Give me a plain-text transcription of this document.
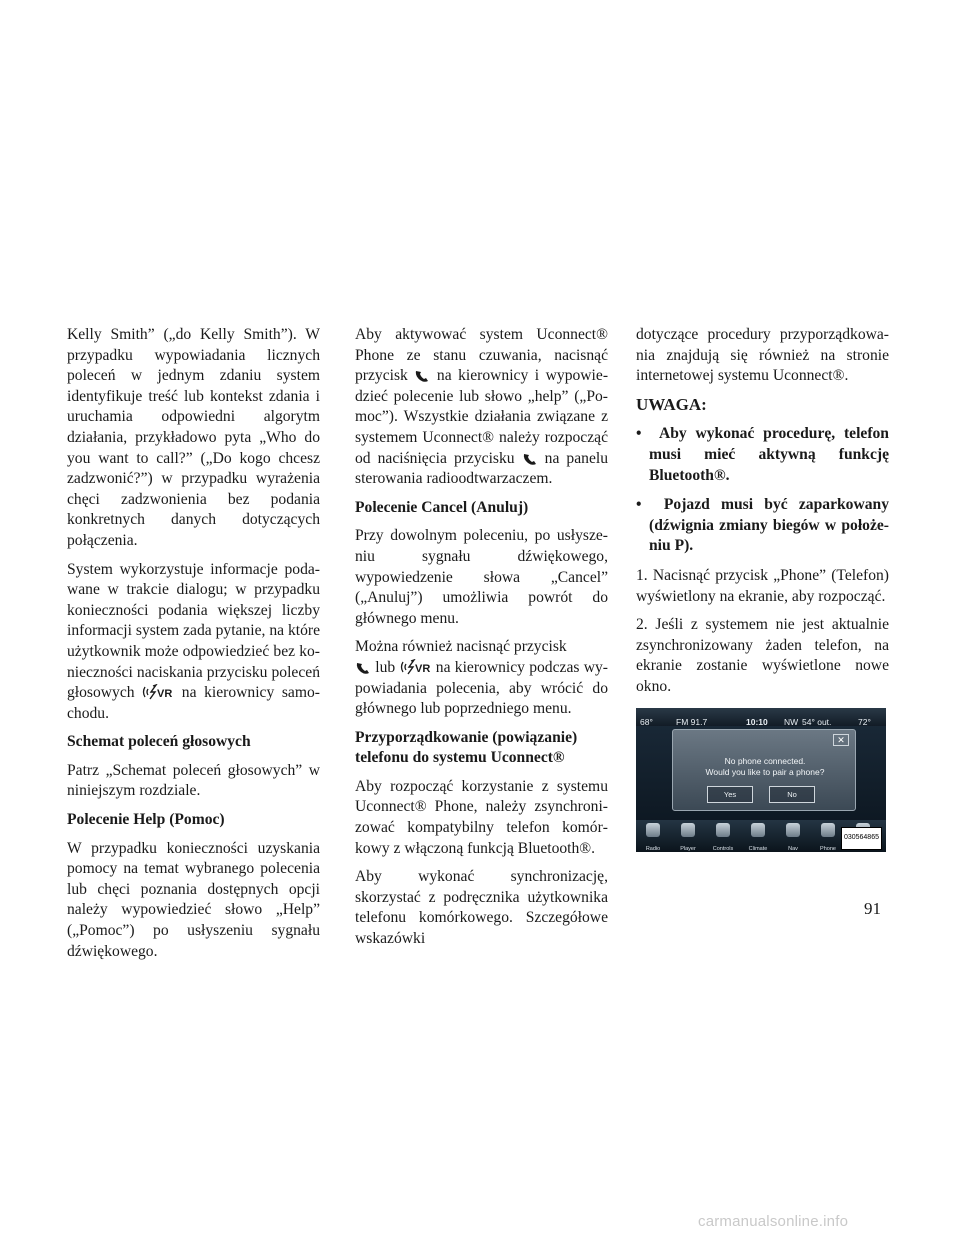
Kelly Smith” („do Kelly Smith”). W przypadku wypowiadania licznych poleceń w jednym zdaniu system identyfikuje treść lub kontekst zdania i uruchamia odpowiedni algorytm działania, przykładowo pyta „Who do you want to call?” („Do kogo chcesz zadzwonić?”) w przypadku wyrażenia chęci zadzwonienia bez podania konkretnych danych dotyczących połączenia.

System wykorzystuje informacje podawane w trakcie dialogu; w przypadku konieczności podania większej liczby informacji system zada pytanie, na które użytkownik może odpowiedzieć bez konieczności naciskania przycisku poleceń głosowych VR na kierownicy samochodu.

Schemat poleceń głosowych

Patrz „Schemat poleceń głosowych” w niniejszym rozdziale.

Polecenie Help (Pomoc)

W przypadku konieczności uzyskania pomocy na temat wybranego polecenia lub chęci poznania dostępnych opcji należy wypowiedzieć słowo „Help” („Pomoc”) po usłyszeniu sygnału dźwiękowego.

Aby aktywować system Uconnect® Phone ze stanu czuwania, nacisnąć przycisk na kierownicy i wypowiedzieć polecenie lub słowo „help” („Pomoc”). Wszystkie działania związane z systemem Uconnect® należy rozpocząć od naciśnięcia przycisku na panelu sterowania radioodtwarzaczem.

Polecenie Cancel (Anuluj)

Przy dowolnym poleceniu, po usłyszeniu sygnału dźwiękowego, wypowiedzenie słowa „Cancel” („Anuluj”) umożliwia powrót do głównego menu.

Można również nacisnąć przycisk
lub VR na kierownicy podczas wypowiadania polecenia, aby wrócić do głównego lub poprzedniego menu.

Przyporządkowanie (powiązanie)

telefonu do systemu Uconnect®

Aby rozpocząć korzystanie z systemu Uconnect® Phone, należy zsynchronizować kompatybilny telefon komórkowy z włączoną funkcją Bluetooth®.

Aby wykonać synchronizację, skorzystać z podręcznika użytkownika telefonu komórkowego. Szczegółowe wskazówki

dotyczące procedury przyporządkowania znajdują się również na stronie internetowej systemu Uconnect®.

UWAGA:

•  Aby wykonać procedurę, telefon musi mieć aktywną funkcję Bluetooth®.

•  Pojazd musi być zaparkowany (dźwignia zmiany biegów w położeniu P).

1. Nacisnąć przycisk „Phone” (Telefon) wyświetlony na ekranie, aby rozpocząć.

2. Jeśli z systemem nie jest aktualnie zsynchronizowany żaden telefon, na ekranie zostanie wyświetlone nowe okno.

68°	FM 91.7	10:10 NW 54° out.	72°
✕
No phone connected.
Would you like to pair a phone?
Yes	No
Radio	Player	Controls	Climate	Nav	Phone
030564865
91
carmanualsonline.info
